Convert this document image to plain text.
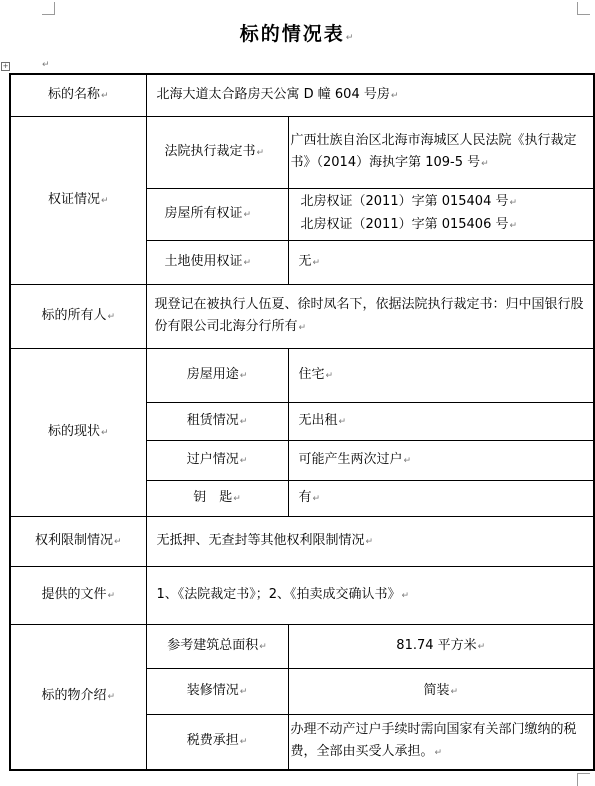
+	↵
标的情况表↵
标的名称↵	北海大道太合路房天公寓 D 幢 604 号房↵	
权证情况↵	法院执行裁定书↵	广西壮族自治区北海市海城区人民法院《执行裁定书》（2014）海执字第 109-5 号↵
	房屋所有权证↵	北房权证（2011）字第 015404 号↵
北房权证（2011）字第 015406 号↵

	土地使用权证↵	无↵
标的所有人↵	现登记在被执行人伍夏、徐时凤名下，依据法院执行裁定书：归中国银行股份有限公司北海分行所有↵	
标的现状↵	房屋用途↵	住宅↵
	租赁情况↵	无出租↵
	过户情况↵	可能产生两次过户↵
	钥　匙↵	有↵
权利限制情况↵	无抵押、无查封等其他权利限制情况↵	
提供的文件↵	1、《法院裁定书》；2、《拍卖成交确认书》↵	
标的物介绍↵	参考建筑总面积↵	81.74 平方米↵
	装修情况↵	简装↵
	税费承担↵	办理不动产过户手续时需向国家有关部门缴纳的税费，全部由买受人承担。↵
